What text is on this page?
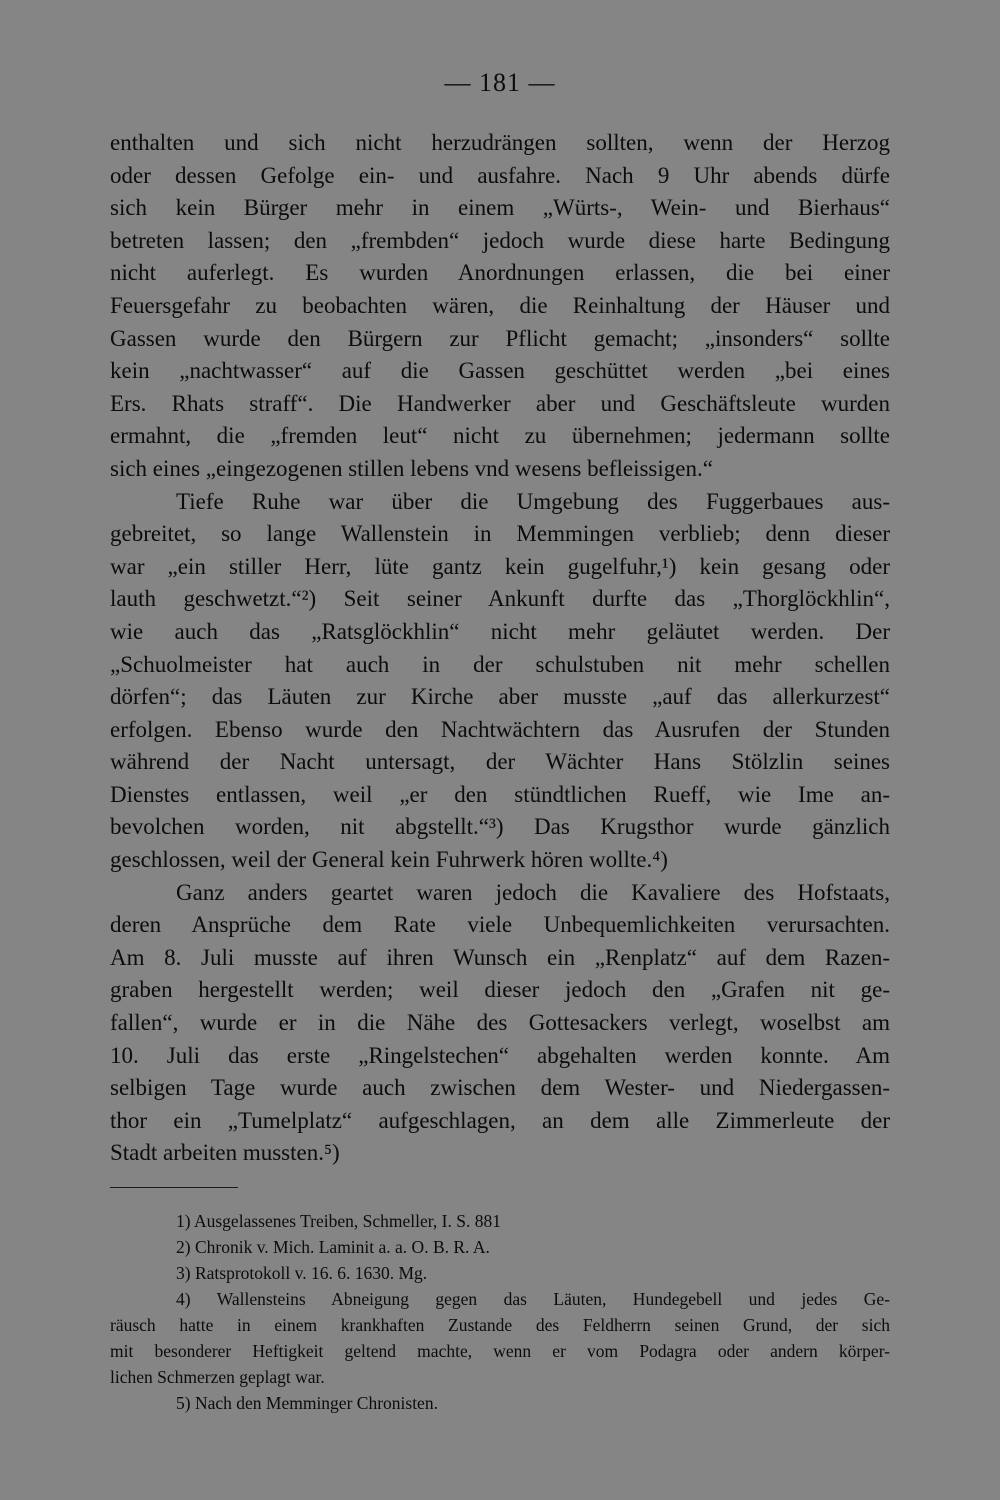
— 181 —
enthalten und sich nicht herzudrängen sollten, wenn der Herzog
oder dessen Gefolge ein- und ausfahre. Nach 9 Uhr abends dürfe
sich kein Bürger mehr in einem „Würts-, Wein- und Bierhaus“
betreten lassen; den „frembden“ jedoch wurde diese harte Bedingung
nicht auferlegt. Es wurden Anordnungen erlassen, die bei einer
Feuersgefahr zu beobachten wären, die Reinhaltung der Häuser und
Gassen wurde den Bürgern zur Pflicht gemacht; „insonders“ sollte
kein „nachtwasser“ auf die Gassen geschüttet werden „bei eines
Ers. Rhats straff“. Die Handwerker aber und Geschäftsleute wurden
ermahnt, die „fremden leut“ nicht zu übernehmen; jedermann sollte
sich eines „eingezogenen stillen lebens vnd wesens befleissigen.“
Tiefe Ruhe war über die Umgebung des Fuggerbaues aus-
gebreitet, so lange Wallenstein in Memmingen verblieb; denn dieser
war „ein stiller Herr, lüte gantz kein gugelfuhr,¹) kein gesang oder
lauth geschwetzt.“²) Seit seiner Ankunft durfte das „Thorglöckhlin“,
wie auch das „Ratsglöckhlin“ nicht mehr geläutet werden. Der
„Schuolmeister hat auch in der schulstuben nit mehr schellen
dörfen“; das Läuten zur Kirche aber musste „auf das allerkurzest“
erfolgen. Ebenso wurde den Nachtwächtern das Ausrufen der Stunden
während der Nacht untersagt, der Wächter Hans Stölzlin seines
Dienstes entlassen, weil „er den stündtlichen Rueff, wie Ime an-
bevolchen worden, nit abgstellt.“³) Das Krugsthor wurde gänzlich
geschlossen, weil der General kein Fuhrwerk hören wollte.⁴)
Ganz anders geartet waren jedoch die Kavaliere des Hofstaats,
deren Ansprüche dem Rate viele Unbequemlichkeiten verursachten.
Am 8. Juli musste auf ihren Wunsch ein „Renplatz“ auf dem Razen-
graben hergestellt werden; weil dieser jedoch den „Grafen nit ge-
fallen“, wurde er in die Nähe des Gottesackers verlegt, woselbst am
10. Juli das erste „Ringelstechen“ abgehalten werden konnte. Am
selbigen Tage wurde auch zwischen dem Wester- und Niedergassen-
thor ein „Tumelplatz“ aufgeschlagen, an dem alle Zimmerleute der
Stadt arbeiten mussten.⁵)
1) Ausgelassenes Treiben, Schmeller, I. S. 881
2) Chronik v. Mich. Laminit a. a. O. B. R. A.
3) Ratsprotokoll v. 16. 6. 1630. Mg.
4) Wallensteins Abneigung gegen das Läuten, Hundegebell und jedes Ge-
räusch hatte in einem krankhaften Zustande des Feldherrn seinen Grund, der sich
mit besonderer Heftigkeit geltend machte, wenn er vom Podagra oder andern körper-
lichen Schmerzen geplagt war.
5) Nach den Memminger Chronisten.
